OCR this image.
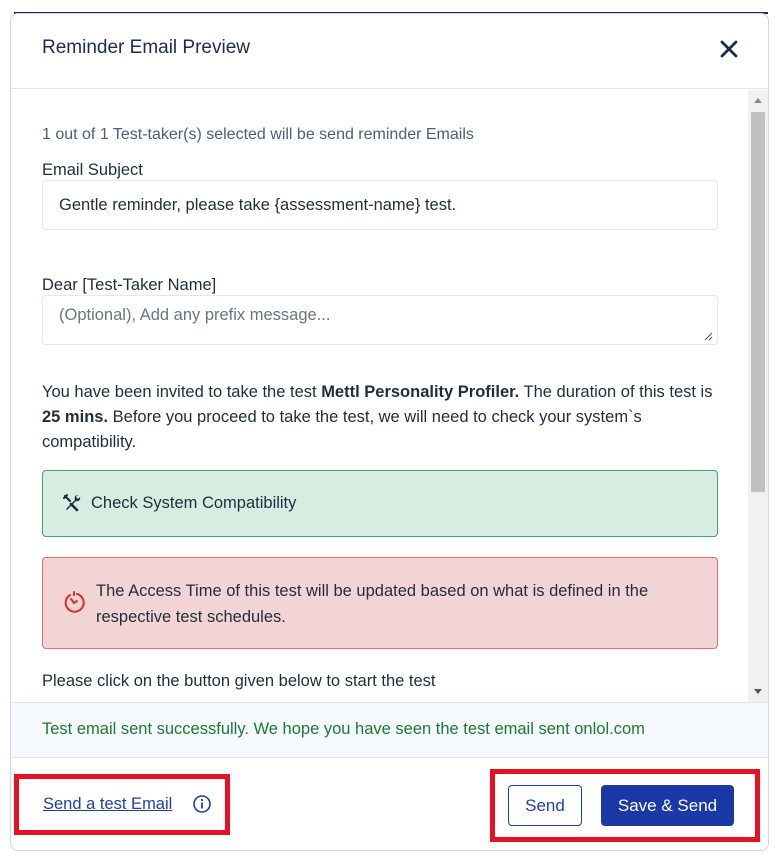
Reminder Email Preview
1 out of 1 Test-taker(s) selected will be send reminder Emails
Email Subject
Gentle reminder, please take {assessment-name} test.
Dear [Test-Taker Name]
(Optional), Add any prefix message...
You have been invited to take the test Mettl Personality Profiler. The duration of this test is 25 mins. Before you proceed to take the test, we will need to check your system`s compatibility.
Check System Compatibility
The Access Time of this test will be updated based on what is defined in the respective test schedules.
Please click on the button given below to start the test
Test email sent successfully. We hope you have seen the test email sent onlol.com
Send a test Email	Send	Save & Send
